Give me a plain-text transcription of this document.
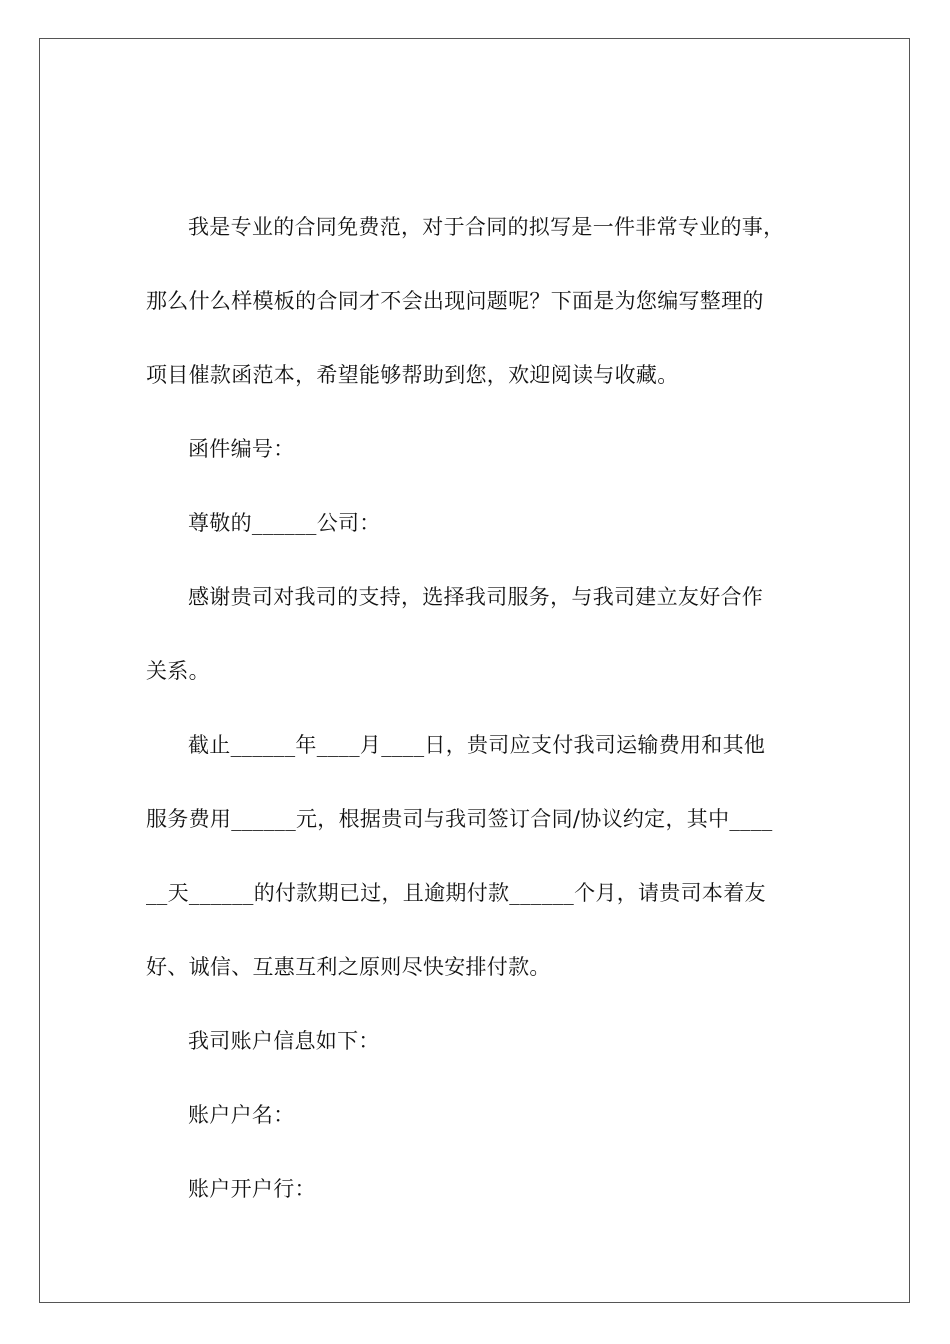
我是专业的合同免费范，对于合同的拟写是一件非常专业的事，
那么什么样模板的合同才不会出现问题呢？下面是为您编写整理的
项目催款函范本，希望能够帮助到您，欢迎阅读与收藏。
函件编号：
尊敬的______公司：
感谢贵司对我司的支持，选择我司服务，与我司建立友好合作
关系。
截止______年____月____日，贵司应支付我司运输费用和其他
服务费用______元，根据贵司与我司签订合同/协议约定，其中____
__天______的付款期已过，且逾期付款______个月，请贵司本着友
好、诚信、互惠互利之原则尽快安排付款。
我司账户信息如下：
账户户名：
账户开户行：
